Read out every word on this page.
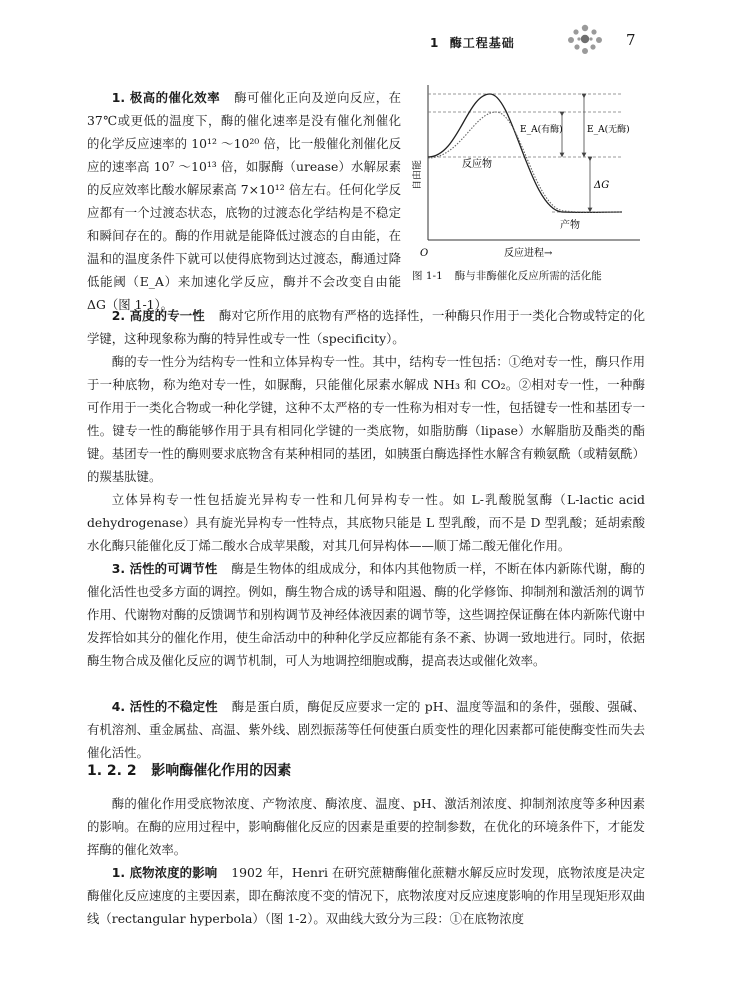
1 酶工程基础	7
E_A(有酶)	E_A(无酶)
ΔG
反应物
产物
O	反应进程→
自由能
图 1-1 酶与非酶催化反应所需的活化能

1. 极高的催化效率 酶可催化正向及逆向反应，在 37℃或更低的温度下，酶的催化速率是没有催化剂催化的化学反应速率的 10¹² ～10²⁰ 倍，比一般催化剂催化反应的速率高 10⁷ ～10¹³ 倍，如脲酶（urease）水解尿素的反应效率比酸水解尿素高 7×10¹² 倍左右。任何化学反应都有一个过渡态状态，底物的过渡态化学结构是不稳定和瞬间存在的。酶的作用就是能降低过渡态的自由能，在温和的温度条件下就可以使得底物到达过渡态，酶通过降低能阈（E_A）来加速化学反应，酶并不会改变自由能 ΔG（图 1-1）。

2. 高度的专一性 酶对它所作用的底物有严格的选择性，一种酶只作用于一类化合物或特定的化学键，这种现象称为酶的特异性或专一性（specificity）。

酶的专一性分为结构专一性和立体异构专一性。其中，结构专一性包括：①绝对专一性，酶只作用于一种底物，称为绝对专一性，如脲酶，只能催化尿素水解成 NH₃ 和 CO₂。②相对专一性，一种酶可作用于一类化合物或一种化学键，这种不太严格的专一性称为相对专一性，包括键专一性和基团专一性。键专一性的酶能够作用于具有相同化学键的一类底物，如脂肪酶（lipase）水解脂肪及酯类的酯键。基团专一性的酶则要求底物含有某种相同的基团，如胰蛋白酶选择性水解含有赖氨酰（或精氨酰）的羰基肽键。

立体异构专一性包括旋光异构专一性和几何异构专一性。如 L-乳酸脱氢酶（L-lactic acid dehydrogenase）具有旋光异构专一性特点，其底物只能是 L 型乳酸，而不是 D 型乳酸；延胡索酸水化酶只能催化反丁烯二酸水合成苹果酸，对其几何异构体——顺丁烯二酸无催化作用。

3. 活性的可调节性 酶是生物体的组成成分，和体内其他物质一样，不断在体内新陈代谢，酶的催化活性也受多方面的调控。例如，酶生物合成的诱导和阻遏、酶的化学修饰、抑制剂和激活剂的调节作用、代谢物对酶的反馈调节和别构调节及神经体液因素的调节等，这些调控保证酶在体内新陈代谢中发挥恰如其分的催化作用，使生命活动中的种种化学反应都能有条不紊、协调一致地进行。同时，依据酶生物合成及催化反应的调节机制，可人为地调控细胞或酶，提高表达或催化效率。

4. 活性的不稳定性 酶是蛋白质，酶促反应要求一定的 pH、温度等温和的条件，强酸、强碱、有机溶剂、重金属盐、高温、紫外线、剧烈振荡等任何使蛋白质变性的理化因素都可能使酶变性而失去催化活性。

1. 2. 2 影响酶催化作用的因素

酶的催化作用受底物浓度、产物浓度、酶浓度、温度、pH、激活剂浓度、抑制剂浓度等多种因素的影响。在酶的应用过程中，影响酶催化反应的因素是重要的控制参数，在优化的环境条件下，才能发挥酶的催化效率。

1. 底物浓度的影响 1902 年，Henri 在研究蔗糖酶催化蔗糖水解反应时发现，底物浓度是决定酶催化反应速度的主要因素，即在酶浓度不变的情况下，底物浓度对反应速度影响的作用呈现矩形双曲线（rectangular hyperbola）（图 1-2）。双曲线大致分为三段：①在底物浓度
